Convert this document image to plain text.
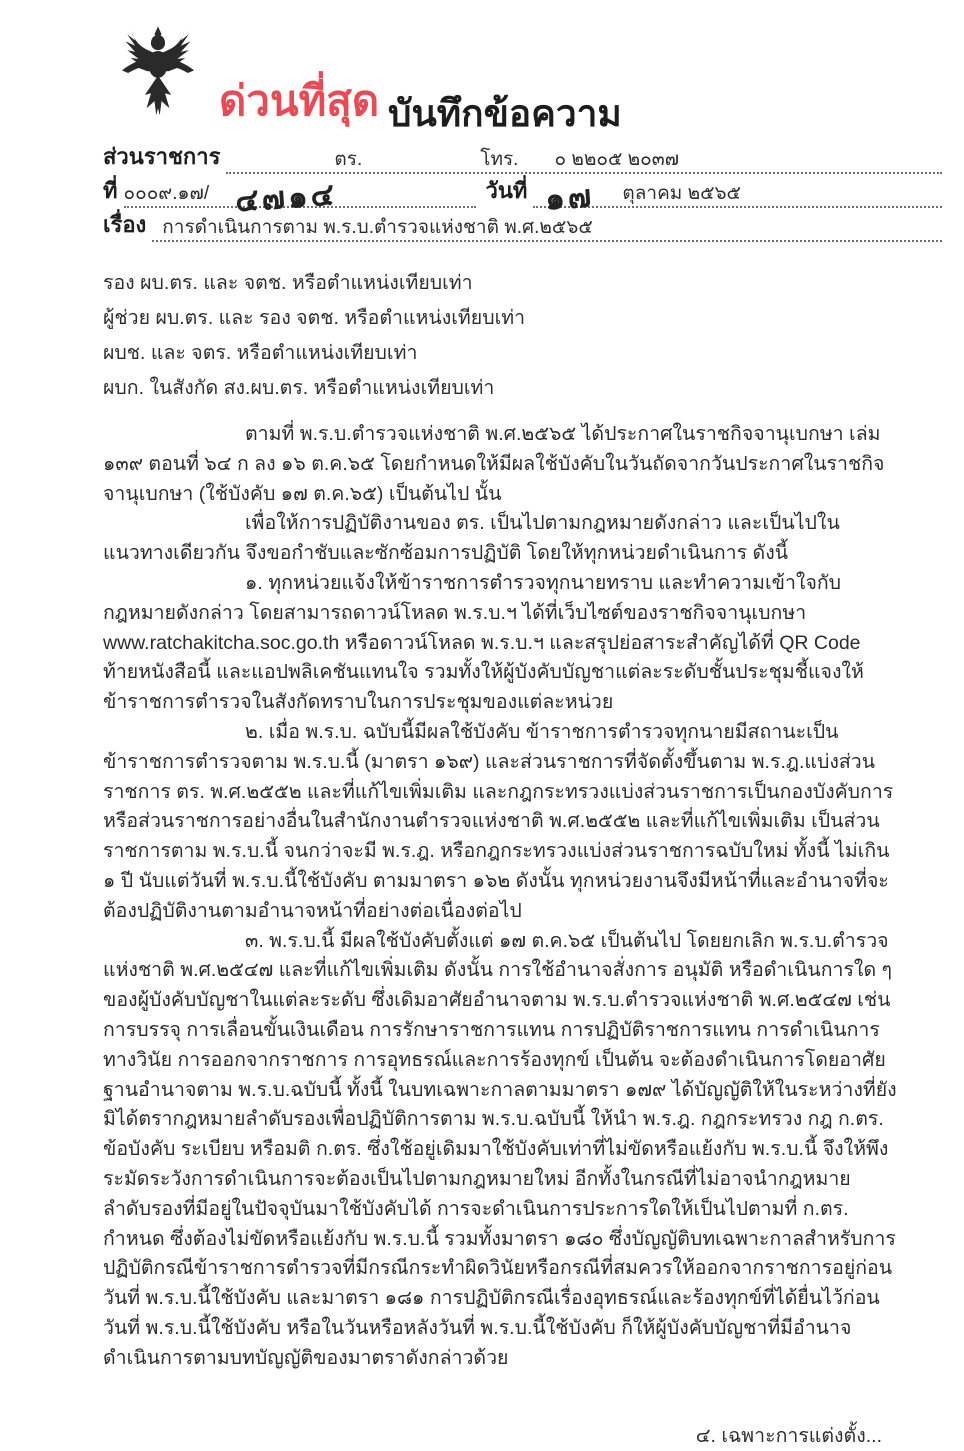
ด่วนที่สุด บันทึกข้อความ
ส่วนราชการ	ตร.	โทร. ๐ ๒๒๐๕ ๒๐๓๗
ที่ ๐๐๐๙.๑๗/ ๔๗๑๔	วันที่ ๑๗ ตุลาคม ๒๕๖๕
เรื่อง การดำเนินการตาม พ.ร.บ.ตำรวจแห่งชาติ พ.ศ.๒๕๖๕
รอง ผบ.ตร. และ จตช. หรือตำแหน่งเทียบเท่า
ผู้ช่วย ผบ.ตร. และ รอง จตช. หรือตำแหน่งเทียบเท่า
ผบช. และ จตร. หรือตำแหน่งเทียบเท่า
ผบก. ในสังกัด สง.ผบ.ตร. หรือตำแหน่งเทียบเท่า

ตามที่ พ.ร.บ.ตำรวจแห่งชาติ พ.ศ.๒๕๖๕ ได้ประกาศในราชกิจจานุเบกษา เล่ม ๑๓๙ ตอนที่ ๖๔ ก ลง ๑๖ ต.ค.๖๕ โดยกำหนดให้มีผลใช้บังคับในวันถัดจากวันประกาศในราชกิจจานุเบกษา (ใช้บังคับ ๑๗ ต.ค.๖๕) เป็นต้นไป นั้น

เพื่อให้การปฏิบัติงานของ ตร. เป็นไปตามกฎหมายดังกล่าว และเป็นไปในแนวทางเดียวกัน จึงขอกำชับและซักซ้อมการปฏิบัติ โดยให้ทุกหน่วยดำเนินการ ดังนี้

๑. ทุกหน่วยแจ้งให้ข้าราชการตำรวจทุกนายทราบ และทำความเข้าใจกับกฎหมายดังกล่าว โดยสามารถดาวน์โหลด พ.ร.บ.ฯ ได้ที่เว็บไซต์ของราชกิจจานุเบกษา www.ratchakitcha.soc.go.th หรือดาวน์โหลด พ.ร.บ.ฯ และสรุปย่อสาระสำคัญได้ที่ QR Code ท้ายหนังสือนี้ และแอปพลิเคชันแทนใจ รวมทั้งให้ผู้บังคับบัญชาแต่ละระดับชั้นประชุมชี้แจงให้ข้าราชการตำรวจในสังกัดทราบในการประชุมของแต่ละหน่วย

๒. เมื่อ พ.ร.บ. ฉบับนี้มีผลใช้บังคับ ข้าราชการตำรวจทุกนายมีสถานะเป็นข้าราชการตำรวจตาม พ.ร.บ.นี้ (มาตรา ๑๖๙) และส่วนราชการที่จัดตั้งขึ้นตาม พ.ร.ฎ.แบ่งส่วนราชการ ตร. พ.ศ.๒๕๕๒ และที่แก้ไขเพิ่มเติม และกฎกระทรวงแบ่งส่วนราชการเป็นกองบังคับการหรือส่วนราชการอย่างอื่นในสำนักงานตำรวจแห่งชาติ พ.ศ.๒๕๕๒ และที่แก้ไขเพิ่มเติม เป็นส่วนราชการตาม พ.ร.บ.นี้ จนกว่าจะมี พ.ร.ฎ. หรือกฎกระทรวงแบ่งส่วนราชการฉบับใหม่ ทั้งนี้ ไม่เกิน ๑ ปี นับแต่วันที่ พ.ร.บ.นี้ใช้บังคับ ตามมาตรา ๑๖๒ ดังนั้น ทุกหน่วยงานจึงมีหน้าที่และอำนาจที่จะต้องปฏิบัติงานตามอำนาจหน้าที่อย่างต่อเนื่องต่อไป

๓. พ.ร.บ.นี้ มีผลใช้บังคับตั้งแต่ ๑๗ ต.ค.๖๕ เป็นต้นไป โดยยกเลิก พ.ร.บ.ตำรวจแห่งชาติ พ.ศ.๒๕๔๗ และที่แก้ไขเพิ่มเติม ดังนั้น การใช้อำนาจสั่งการ อนุมัติ หรือดำเนินการใด ๆ ของผู้บังคับบัญชาในแต่ละระดับ ซึ่งเดิมอาศัยอำนาจตาม พ.ร.บ.ตำรวจแห่งชาติ พ.ศ.๒๕๔๗ เช่น การบรรจุ การเลื่อนขั้นเงินเดือน การรักษาราชการแทน การปฏิบัติราชการแทน การดำเนินการทางวินัย การออกจากราชการ การอุทธรณ์และการร้องทุกข์ เป็นต้น จะต้องดำเนินการโดยอาศัยฐานอำนาจตาม พ.ร.บ.ฉบับนี้ ทั้งนี้ ในบทเฉพาะกาลตามมาตรา ๑๗๙ ได้บัญญัติให้ในระหว่างที่ยังมิได้ตรากฎหมายลำดับรองเพื่อปฏิบัติการตาม พ.ร.บ.ฉบับนี้ ให้นำ พ.ร.ฎ. กฎกระทรวง กฎ ก.ตร. ข้อบังคับ ระเบียบ หรือมติ ก.ตร. ซึ่งใช้อยู่เดิมมาใช้บังคับเท่าที่ไม่ขัดหรือแย้งกับ พ.ร.บ.นี้ จึงให้พึงระมัดระวังการดำเนินการจะต้องเป็นไปตามกฎหมายใหม่ อีกทั้งในกรณีที่ไม่อาจนำกฎหมายลำดับรองที่มีอยู่ในปัจจุบันมาใช้บังคับได้ การจะดำเนินการประการใดให้เป็นไปตามที่ ก.ตร. กำหนด ซึ่งต้องไม่ขัดหรือแย้งกับ พ.ร.บ.นี้ รวมทั้งมาตรา ๑๘๐ ซึ่งบัญญัติบทเฉพาะกาลสำหรับการปฏิบัติกรณีข้าราชการตำรวจที่มีกรณีกระทำผิดวินัยหรือกรณีที่สมควรให้ออกจากราชการอยู่ก่อนวันที่ พ.ร.บ.นี้ใช้บังคับ และมาตรา ๑๘๑ การปฏิบัติกรณีเรื่องอุทธรณ์และร้องทุกข์ที่ได้ยื่นไว้ก่อนวันที่ พ.ร.บ.นี้ใช้บังคับ หรือในวันหรือหลังวันที่ พ.ร.บ.นี้ใช้บังคับ ก็ให้ผู้บังคับบัญชาที่มีอำนาจดำเนินการตามบทบัญญัติของมาตราดังกล่าวด้วย

๔. เฉพาะการแต่งตั้ง...
